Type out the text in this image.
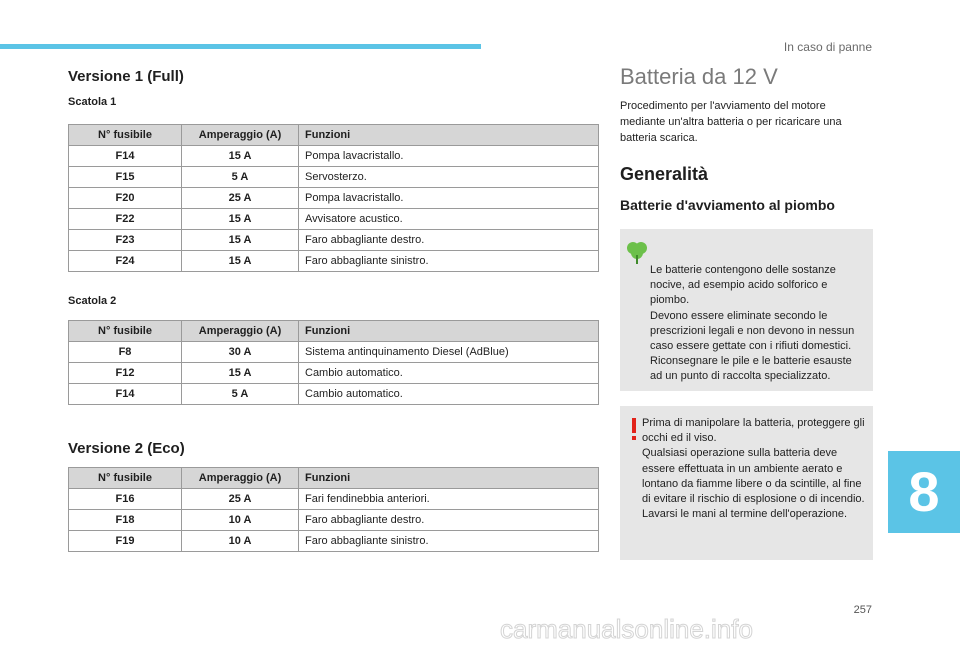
In caso di panne
Versione 1 (Full)
Scatola 1
N° fusibile	Amperaggio (A)	Funzioni
F14	15 A	Pompa lavacristallo.
F15	5 A	Servosterzo.
F20	25 A	Pompa lavacristallo.
F22	15 A	Avvisatore acustico.
F23	15 A	Faro abbagliante destro.
F24	15 A	Faro abbagliante sinistro.
Scatola 2
N° fusibile	Amperaggio (A)	Funzioni
F8	30 A	Sistema antinquinamento Diesel (AdBlue)
F12	15 A	Cambio automatico.
F14	5 A	Cambio automatico.
Versione 2 (Eco)
N° fusibile	Amperaggio (A)	Funzioni
F16	25 A	Fari fendinebbia anteriori.
F18	10 A	Faro abbagliante destro.
F19	10 A	Faro abbagliante sinistro.
Batteria da 12 V
Procedimento per l'avviamento del motore mediante un'altra batteria o per ricaricare una batteria scarica.
Generalità
Batterie d'avviamento al piombo

Le batterie contengono delle sostanze nocive, ad esempio acido solforico e piombo.

Devono essere eliminate secondo le prescrizioni legali e non devono in nessun caso essere gettate con i rifiuti domestici.

Riconsegnare le pile e le batterie esauste ad un punto di raccolta specializzato.

Prima di manipolare la batteria, proteggere gli occhi ed il viso.

Qualsiasi operazione sulla batteria deve essere effettuata in un ambiente aerato e lontano da fiamme libere o da scintille, al fine di evitare il rischio di esplosione o di incendio.

Lavarsi le mani al termine dell'operazione.	8
257
carmanualsonline.info
